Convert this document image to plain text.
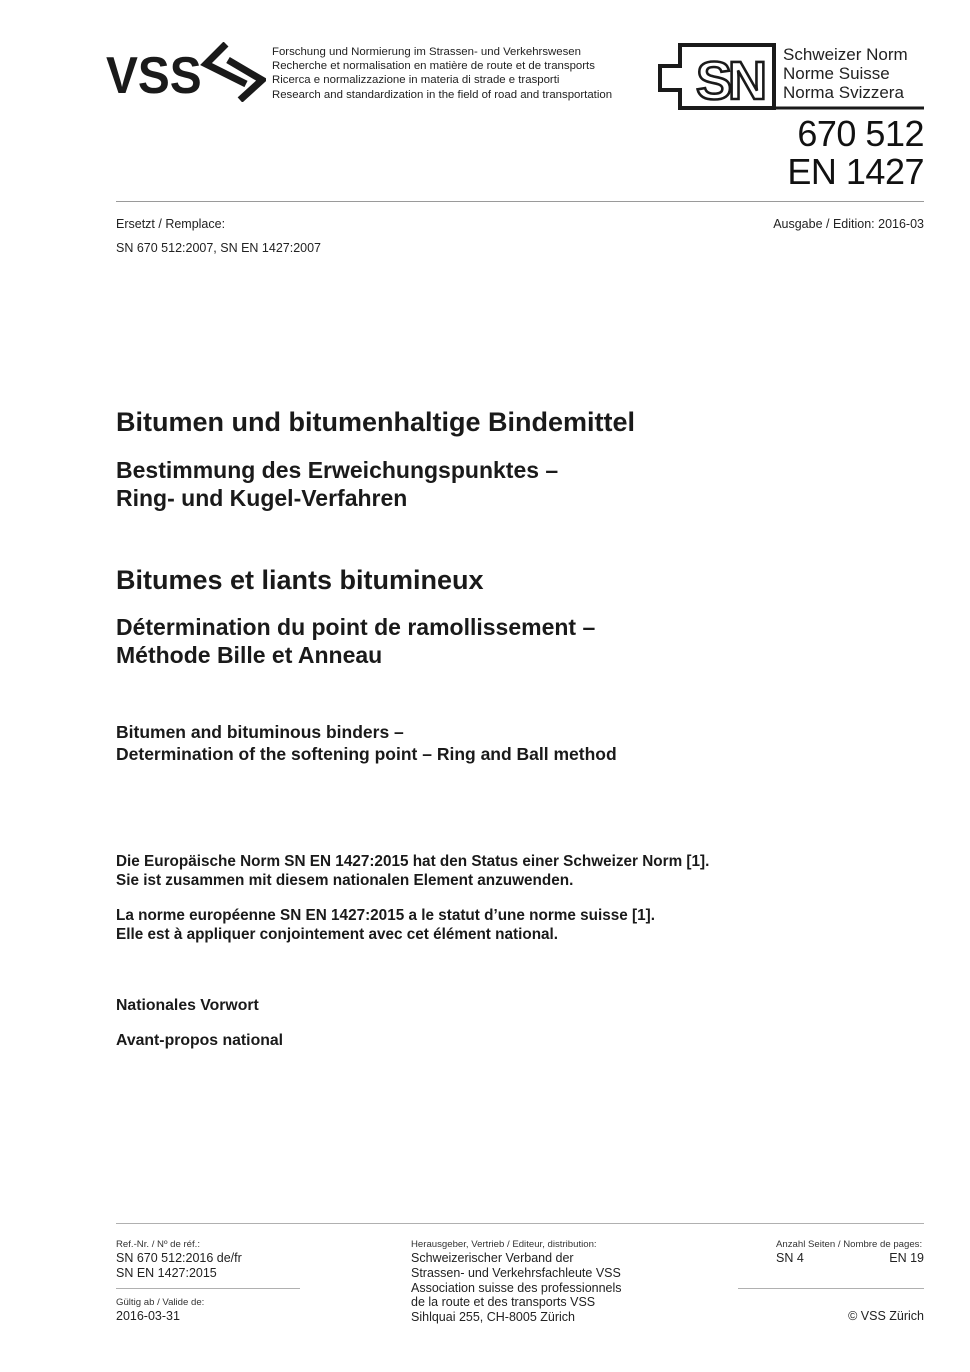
VSS	Forschung und Normierung im Strassen- und Verkehrswesen
Recherche et normalisation en matière de route et de transports
Ricerca e normalizzazione in materia di strade e trasporti
Research and standardization in the field of road and transportation SN Schweizer Norm
Norme Suisse
Norma Svizzera
670 512
EN 1427
Ersetzt / Remplace:
SN 670 512:2007, SN EN 1427:2007
Ausgabe / Edition: 2016-03
Bitumen und bitumenhaltige Bindemittel
Bestimmung des Erweichungspunktes –
Ring- und Kugel-Verfahren
Bitumes et liants bitumineux
Détermination du point de ramollissement –
Méthode Bille et Anneau
Bitumen and bituminous binders –
Determination of the softening point – Ring and Ball method
Die Europäische Norm SN EN 1427:2015 hat den Status einer Schweizer Norm [1].
Sie ist zusammen mit diesem nationalen Element anzuwenden.
La norme européenne SN EN 1427:2015 a le statut d’une norme suisse [1].
Elle est à appliquer conjointement avec cet élément national.
Nationales Vorwort
Avant-propos national
Ref.-Nr. / Nº de réf.:
SN 670 512:2016 de/fr
SN EN 1427:2015
Gültig ab / Valide de:
2016-03-31
Herausgeber, Vertrieb / Editeur, distribution:
Schweizerischer Verband der
Strassen- und Verkehrsfachleute VSS
Association suisse des professionnels
de la route et des transports VSS
Sihlquai 255, CH-8005 Zürich
Anzahl Seiten / Nombre de pages:
SN 4	EN 19
© VSS Zürich
